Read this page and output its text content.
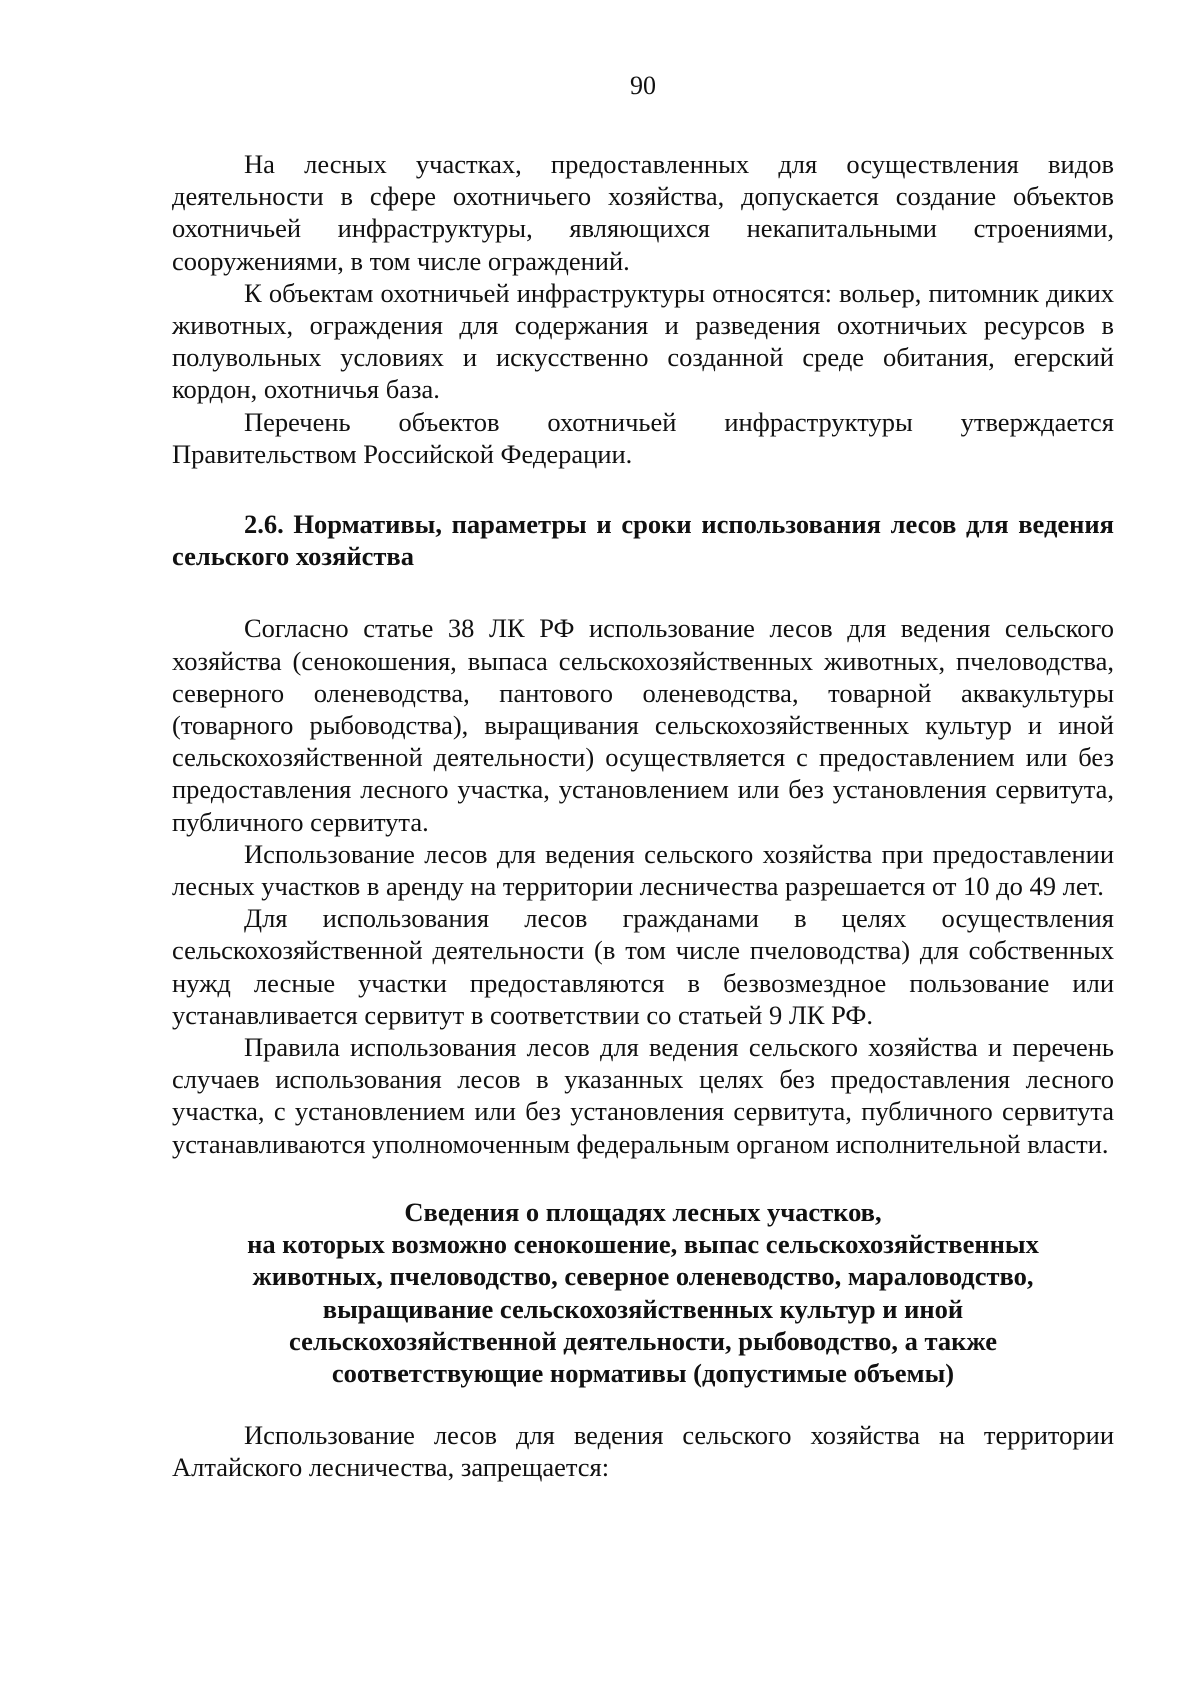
90

На лесных участках, предоставленных для осуществления видов деятельности в сфере охотничьего хозяйства, допускается создание объектов охотничьей инфраструктуры, являющихся некапитальными строениями, сооружениями, в том числе ограждений.

К объектам охотничьей инфраструктуры относятся: вольер, питомник диких животных, ограждения для содержания и разведения охотничьих ресурсов в полувольных условиях и искусственно созданной среде обитания, егерский кордон, охотничья база.

Перечень объектов охотничьей инфраструктуры утверждается Правительством Российской Федерации.

2.6. Нормативы, параметры и сроки использования лесов для ведения сельского хозяйства

Согласно статье 38 ЛК РФ использование лесов для ведения сельского хозяйства (сенокошения, выпаса сельскохозяйственных животных, пчеловодства, северного оленеводства, пантового оленеводства, товарной аквакультуры (товарного рыбоводства), выращивания сельскохозяйственных культур и иной сельскохозяйственной деятельности) осуществляется с предоставлением или без предоставления лесного участка, установлением или без установления сервитута, публичного сервитута.

Использование лесов для ведения сельского хозяйства при предоставлении лесных участков в аренду на территории лесничества разрешается от 10 до 49 лет.

Для использования лесов гражданами в целях осуществления сельскохозяйственной деятельности (в том числе пчеловодства) для собственных нужд лесные участки предоставляются в безвозмездное пользование или устанавливается сервитут в соответствии со статьей 9 ЛК РФ.

Правила использования лесов для ведения сельского хозяйства и перечень случаев использования лесов в указанных целях без предоставления лесного участка, с установлением или без установления сервитута, публичного сервитута устанавливаются уполномоченным федеральным органом исполнительной власти.

Сведения о площадях лесных участков,
на которых возможно сенокошение, выпас сельскохозяйственных
животных, пчеловодство, северное оленеводство, мараловодство,
выращивание сельскохозяйственных культур и иной
сельскохозяйственной деятельности, рыбоводство, а также
соответствующие нормативы (допустимые объемы)

Использование лесов для ведения сельского хозяйства на территории Алтайского лесничества, запрещается:
